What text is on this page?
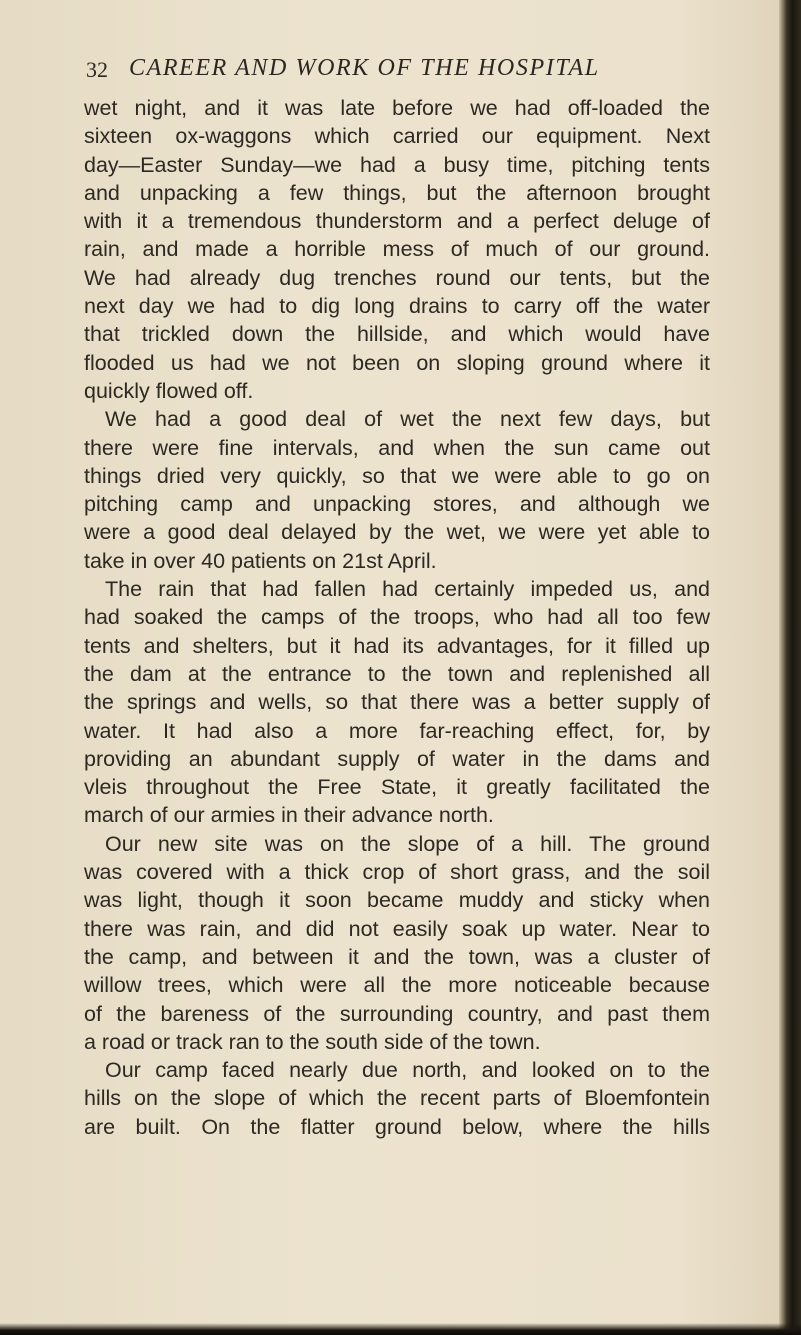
32 CAREER AND WORK OF THE HOSPITAL
wet night, and it was late before we had off-loaded the
sixteen ox-waggons which carried our equipment. Next
day—Easter Sunday—we had a busy time, pitching tents
and unpacking a few things, but the afternoon brought
with it a tremendous thunderstorm and a perfect deluge of
rain, and made a horrible mess of much of our ground.
We had already dug trenches round our tents, but the
next day we had to dig long drains to carry off the water
that trickled down the hillside, and which would have
flooded us had we not been on sloping ground where it
quickly flowed off.
We had a good deal of wet the next few days, but
there were fine intervals, and when the sun came out
things dried very quickly, so that we were able to go on
pitching camp and unpacking stores, and although we
were a good deal delayed by the wet, we were yet able to
take in over 40 patients on 21st April.
The rain that had fallen had certainly impeded us, and
had soaked the camps of the troops, who had all too few
tents and shelters, but it had its advantages, for it filled up
the dam at the entrance to the town and replenished all
the springs and wells, so that there was a better supply of
water. It had also a more far-reaching effect, for, by
providing an abundant supply of water in the dams and
vleis throughout the Free State, it greatly facilitated the
march of our armies in their advance north.
Our new site was on the slope of a hill. The ground
was covered with a thick crop of short grass, and the soil
was light, though it soon became muddy and sticky when
there was rain, and did not easily soak up water. Near to
the camp, and between it and the town, was a cluster of
willow trees, which were all the more noticeable because
of the bareness of the surrounding country, and past them
a road or track ran to the south side of the town.
Our camp faced nearly due north, and looked on to the
hills on the slope of which the recent parts of Bloemfontein
are built. On the flatter ground below, where the hills
